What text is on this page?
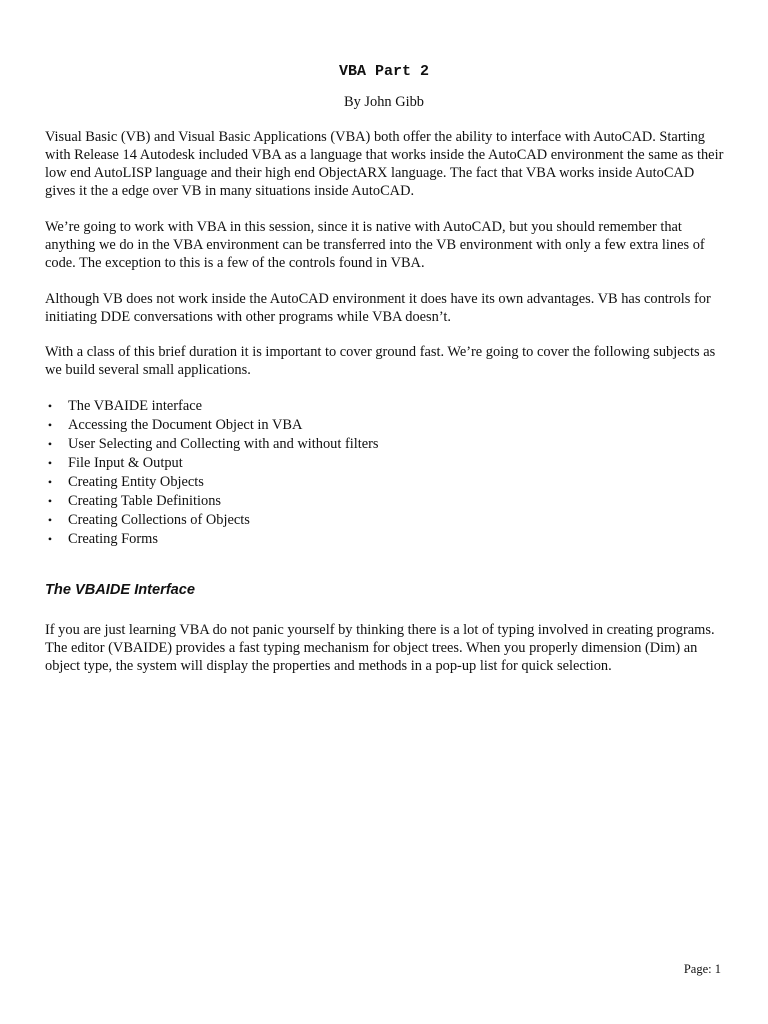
VBA Part 2

By John Gibb

Visual Basic (VB) and Visual Basic Applications (VBA) both offer the ability to interface with AutoCAD. Starting with Release 14 Autodesk included VBA as a language that works inside the AutoCAD environment the same as their low end AutoLISP language and their high end ObjectARX language. The fact that VBA works inside AutoCAD gives it the a edge over VB in many situations inside AutoCAD.

We’re going to work with VBA in this session, since it is native with AutoCAD, but you should remember that anything we do in the VBA environment can be transferred into the VB environment with only a few extra lines of code. The exception to this is a few of the controls found in VBA.

Although VB does not work inside the AutoCAD environment it does have its own advantages. VB has controls for initiating DDE conversations with other programs while VBA doesn’t.

With a class of this brief duration it is important to cover ground fast. We’re going to cover the following subjects as we build several small applications.

• The VBAIDE interface
• Accessing the Document Object in VBA
• User Selecting and Collecting with and without filters
• File Input & Output
• Creating Entity Objects
• Creating Table Definitions
• Creating Collections of Objects
• Creating Forms
The VBAIDE Interface

If you are just learning VBA do not panic yourself by thinking there is a lot of typing involved in creating programs. The editor (VBAIDE) provides a fast typing mechanism for object trees. When you properly dimension (Dim) an object type, the system will display the properties and methods in a pop-up list for quick selection.

Page: 1
